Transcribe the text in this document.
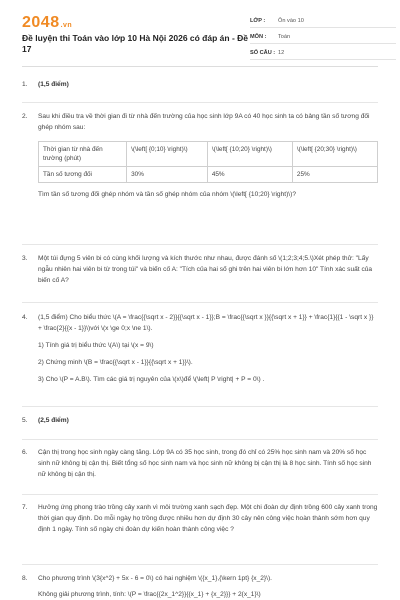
2048.vn
Đề luyện thi Toán vào lớp 10 Hà Nội 2026 có đáp án - Đề 17
LỚP :	Ôn vào 10
MÔN :	Toán
SỐ CÂU : 12
1. (1,5 điểm)
2. Sau khi điều tra về thời gian đi từ nhà đến trường của học sinh lớp 9A có 40 học sinh ta có bảng tần số tương đối ghép nhóm sau:
Thời gian từ nhà đến trường (phút)	\(\left[ {0;10} \right)\)	\(\left[ {10;20} \right)\)	\(\left[ {20;30} \right)\)
Tần số tương đối	30%	45%	25%
Tìm tần số tương đối ghép nhóm và tần số ghép nhóm của nhóm \(\left[ {10;20} \right)\)?
3. Một túi đựng 5 viên bi có cùng khối lượng và kích thước như nhau, được đánh số \(1;2;3;4;5.\)Xét phép thử: "Lấy ngẫu nhiên hai viên bi từ trong túi" và biến cố A: "Tích của hai số ghi trên hai viên bi lớn hơn 10" Tính xác suất của biến cố A?
4. (1,5 điểm) Cho biểu thức \(A = \frac{{\sqrt x - 2}}{{\sqrt x - 1}};B = \frac{{\sqrt x }}{{\sqrt x + 1}} + \frac{1}{{1 - \sqrt x }} + \frac{2}{{x - 1}}\)với \(x \ge 0;x \ne 1\).
1) Tính giá trị biểu thức \(A\) tại \(x = 9\)
2) Chứng minh \(B = \frac{{\sqrt x - 1}}{{\sqrt x + 1}}\).
3) Cho \(P = A.B\). Tìm các giá trị nguyên của \(x\)để \(\left| P \right| + P = 0\) .
5. (2,5 điểm)
6. Cận thị trong học sinh ngày càng tăng. Lớp 9A có 35 học sinh, trong đó chỉ có 25% học sinh nam và 20% số học sinh nữ không bị cận thị. Biết tổng số học sinh nam và học sinh nữ không bị cận thị là 8 học sinh. Tính số học sinh nữ không bị cận thị.
7. Hưởng ứng phong trào trồng cây xanh vì môi trường xanh sạch đẹp. Một chi đoàn dự định trồng 600 cây xanh trong thời gian quy định. Do mỗi ngày họ trồng được nhiều hơn dự định 30 cây nên công việc hoàn thành sớm hơn quy định 1 ngày. Tính số ngày chi đoàn dự kiến hoàn thành công việc ?
8. Cho phương trình \(3{x^2} + 5x - 6 = 0\) có hai nghiệm \({x_1},{\kern 1pt} {x_2}\).
Không giải phương trình, tính: \(P = \frac{{2x_1^2}}{{x_1} + {x_2}}} + 2{x_1}\)
